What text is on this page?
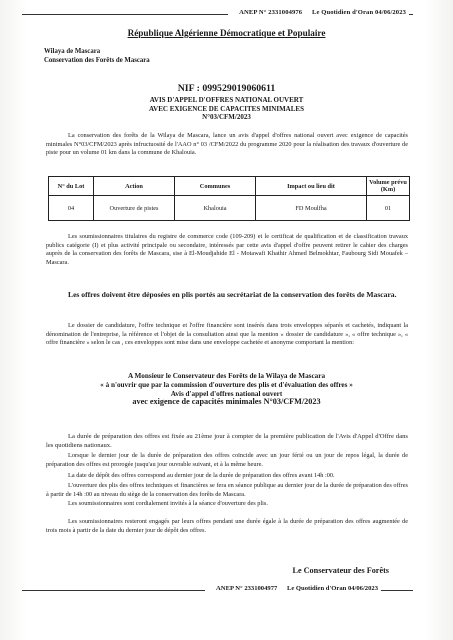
ANEP N° 2331004976 Le Quotidien d'Oran 04/06/2023
République Algérienne Démocratique et Populaire
Wilaya de Mascara
Conservation des Forêts de Mascara
NIF : 099529019060611
AVIS D'APPEL D'OFFRES NATIONAL OUVERT
AVEC EXIGENCE DE CAPACITES MINIMALES
N°03/CFM/2023
La conservation des forêts de la Wilaya de Mascara, lance un avis d'appel d'offres national ouvert avec exigence de capacités minimales N°03/CFM/2023 après infructuosité de l'AAO n° 03 /CFM/2022 du programme 2020 pour la réalisation des travaux d'ouverture de piste pour un volume 01 km dans la commune de Khalouia.
N° du Lot	Action	Communes	Impact ou lieu dit	Volume prévu (Km)
04	Ouverture de pistes	Khalouia	FD Moulfha	01
Les soumissionnaires titulaires du registre de commerce code (109-209) et le certificat de qualification et de classification travaux publics catégorie (I) et plus activité principale ou secondaire, intéressés par cette avis d'appel d'offre peuvent retirer le cahier des charges auprès de la conservation des forêts de Mascara, sise à El-Moudjahide El - Motawafi Khathir Ahmed Belmokhtar, Faubourg Sidi Mouafek – Mascara.
Les offres doivent être déposées en plis portés au secrétariat de la conservation des forêts de Mascara.
Le dossier de candidature, l'offre technique et l'offre financière sont insérés dans trois enveloppes séparés et cachetés, indiquant la dénomination de l'entreprise, la référence et l'objet de la consultation ainsi que la mention « dossier de candidature », « offre technique », « offre financière » selon le cas , ces enveloppes sont mise dans une enveloppe cachetée et anonyme comportant la mention:
A Monsieur le Conservateur des Forêts de la Wilaya de Mascara
« à n'ouvrir que par la commission d'ouverture des plis et d'évaluation des offres »
Avis d'appel d'offres national ouvert
avec exigence de capacités minimales N°03/CFM/2023
La durée de préparation des offres est fixée au 21ème jour à compter de la première publication de l'Avis d'Appel d'Offre dans les quotidiens nationaux.
Lorsque le dernier jour de la durée de préparation des offres coïncide avec un jour férié ou un jour de repos légal, la durée de préparation des offres est prorogée jusqu'au jour ouvrable suivant, et à la même heure.
La date de dépôt des offres correspond au dernier jour de la durée de préparation des offres avant 14h :00.
L'ouverture des plis des offres techniques et financières se fera en séance publique au dernier jour de la durée de préparation des offres à partir de 14h :00 au niveau du siège de la conservation des forêts de Mascara.
Les soumissionnaires sont cordialement invités à la séance d'ouverture des plis.
Les soumissionnaires resteront engagés par leurs offres pendant une durée égale à la durée de préparation des offres augmentée de trois mois à partir de la date du dernier jour de dépôt des offres.
Le Conservateur des Forêts
ANEP N° 2331004977 Le Quotidien d'Oran 04/06/2023
